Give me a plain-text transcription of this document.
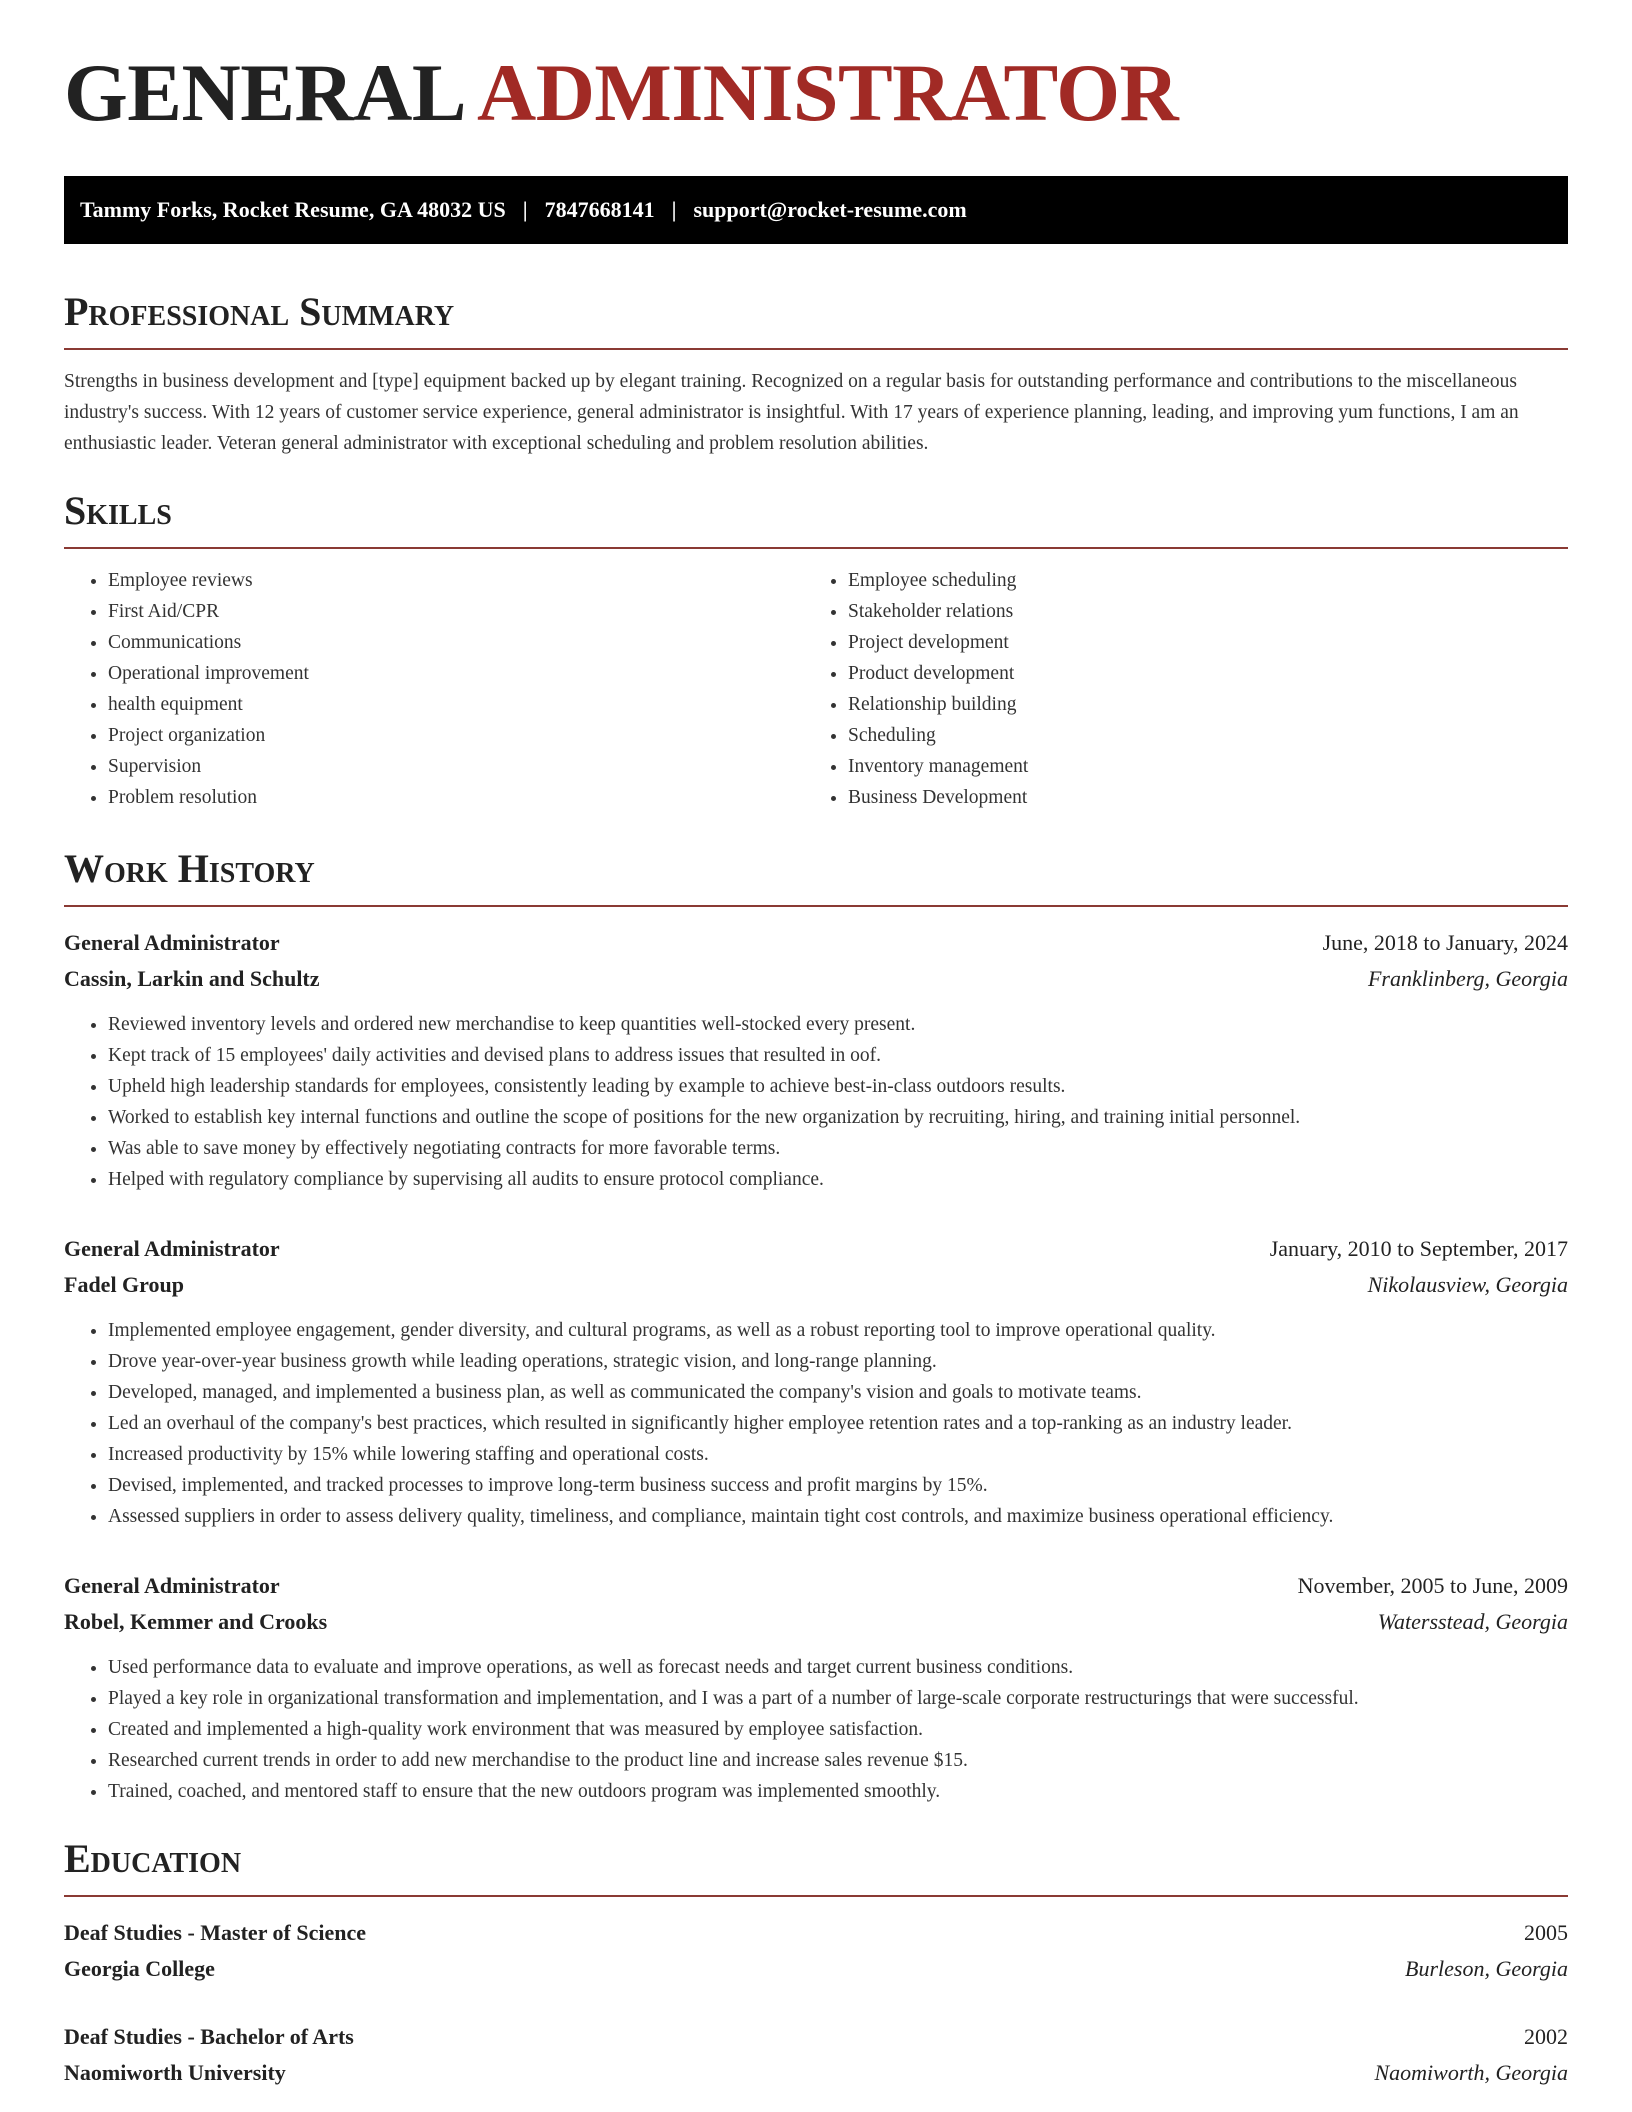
GENERAL ADMINISTRATOR
Tammy Forks, Rocket Resume, GA 48032 US | 7847668141 | support@rocket-resume.com
Professional Summary

Strengths in business development and [type] equipment backed up by elegant training. Recognized on a regular basis for outstanding performance and contributions to the miscellaneous industry's success. With 12 years of customer service experience, general administrator is insightful. With 17 years of experience planning, leading, and improving yum functions, I am an enthusiastic leader. Veteran general administrator with exceptional scheduling and problem resolution abilities.

Skills
• Employee reviews
• First Aid/CPR
• Communications
• Operational improvement
• health equipment
• Project organization
• Supervision
• Problem resolution
• Employee scheduling
• Stakeholder relations
• Project development
• Product development
• Relationship building
• Scheduling
• Inventory management
• Business Development
Work History
General Administrator	June, 2018 to January, 2024
Cassin, Larkin and Schultz	Franklinberg, Georgia
• Reviewed inventory levels and ordered new merchandise to keep quantities well-stocked every present.
• Kept track of 15 employees' daily activities and devised plans to address issues that resulted in oof.
• Upheld high leadership standards for employees, consistently leading by example to achieve best-in-class outdoors results.
• Worked to establish key internal functions and outline the scope of positions for the new organization by recruiting, hiring, and training initial personnel.
• Was able to save money by effectively negotiating contracts for more favorable terms.
• Helped with regulatory compliance by supervising all audits to ensure protocol compliance.
General Administrator	January, 2010 to September, 2017
Fadel Group	Nikolausview, Georgia
• Implemented employee engagement, gender diversity, and cultural programs, as well as a robust reporting tool to improve operational quality.
• Drove year-over-year business growth while leading operations, strategic vision, and long-range planning.
• Developed, managed, and implemented a business plan, as well as communicated the company's vision and goals to motivate teams.
• Led an overhaul of the company's best practices, which resulted in significantly higher employee retention rates and a top-ranking as an industry leader.
• Increased productivity by 15% while lowering staffing and operational costs.
• Devised, implemented, and tracked processes to improve long-term business success and profit margins by 15%.
• Assessed suppliers in order to assess delivery quality, timeliness, and compliance, maintain tight cost controls, and maximize business operational efficiency.
General Administrator	November, 2005 to June, 2009
Robel, Kemmer and Crooks	Watersstead, Georgia
• Used performance data to evaluate and improve operations, as well as forecast needs and target current business conditions.
• Played a key role in organizational transformation and implementation, and I was a part of a number of large-scale corporate restructurings that were successful.
• Created and implemented a high-quality work environment that was measured by employee satisfaction.
• Researched current trends in order to add new merchandise to the product line and increase sales revenue $15.
• Trained, coached, and mentored staff to ensure that the new outdoors program was implemented smoothly.
Education
Deaf Studies - Master of Science	2005
Georgia College	Burleson, Georgia
Deaf Studies - Bachelor of Arts	2002
Naomiworth University	Naomiworth, Georgia
